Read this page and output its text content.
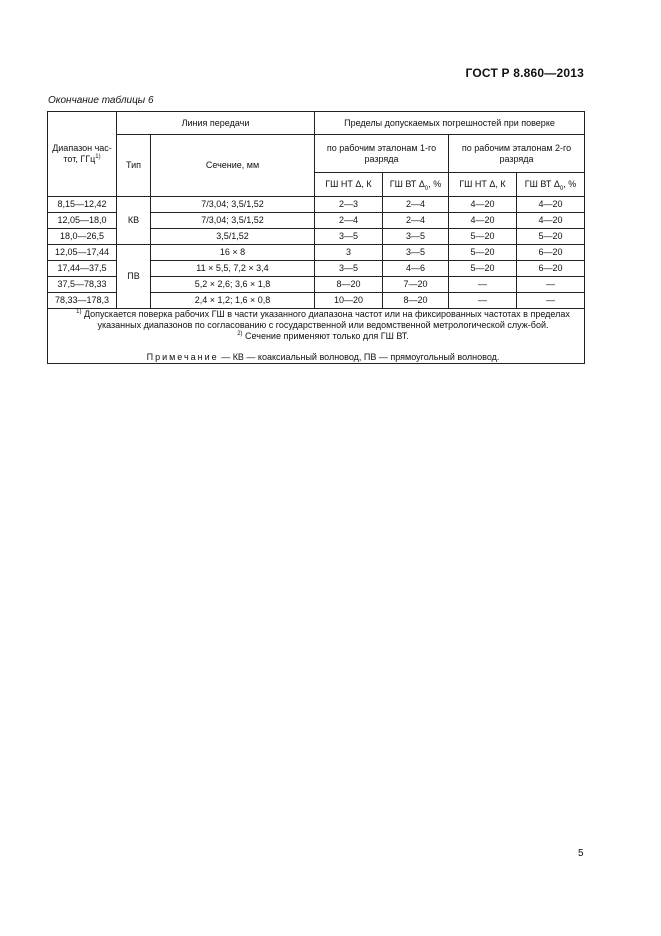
ГОСТ Р 8.860—2013
Окончание таблицы 6
Диапазон час-тот, ГГц$^{1)}$	Линия передачи		Пределы допускаемых погрешностей при поверке			
	Тип	Сечение, мм	по рабочим эталонам 1-го разряда		по рабочим эталонам 2-го разряда	
			ГШ НТ Δ, К	ГШ ВТ $\Delta_0$, %	ГШ НТ Δ, К	ГШ ВТ $\Delta_0$, %
8,15—12,42	КВ	7/3,04; 3,5/1,52	2—3	2—4	4—20	4—20
12,05—18,0		7/3,04; 3,5/1,52	2—4	2—4	4—20	4—20
18,0—26,5		3,5/1,52	3—5	3—5	5—20	5—20
12,05—17,44	ПВ	16 × 8	3	3—5	5—20	6—20
17,44—37,5		11 × 5,5, 7,2 × 3,4	3—5	4—6	5—20	6—20
37,5—78,33		5,2 × 2,6; 3,6 × 1,8	8—20	7—20	—	—
78,33—178,3		2,4 × 1,2; 1,6 × 0,8	10—20	8—20	—	—

$^{1)}$ Допускается поверка рабочих ГШ в части указанного диапазона частот или на фиксированных частотах в пределах указанных диапазонов по согласованию с государственной или ведомственной метрологической служ-бой.

$^{2)}$ Сечение применяют только для ГШ ВТ.

Примечание — КВ — коаксиальный волновод, ПВ — прямоугольный волновод.						

5
